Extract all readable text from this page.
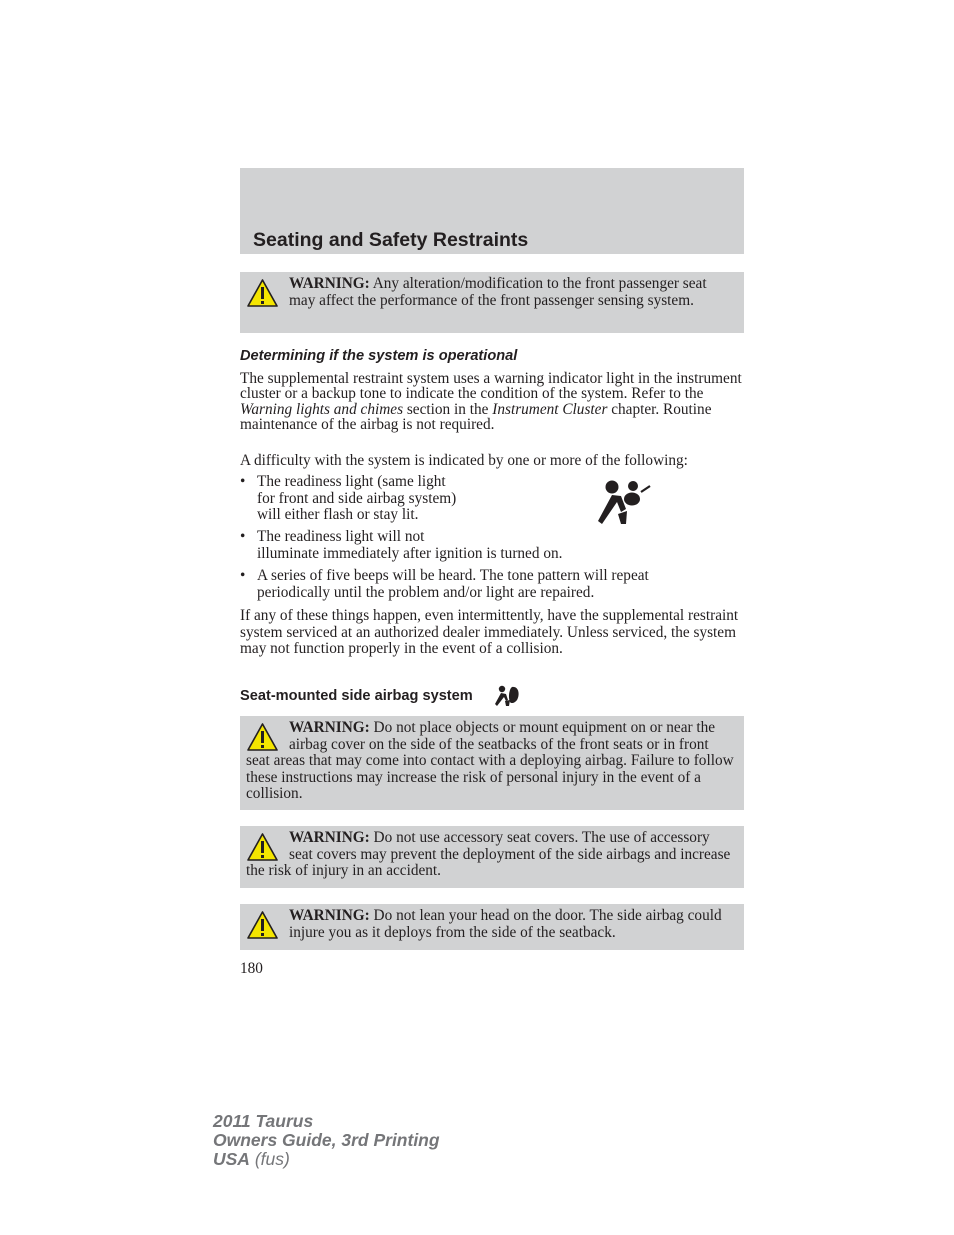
Seating and Safety Restraints
WARNING: Any alteration/modification to the front passenger seat may affect the performance of the front passenger sensing system.
Determining if the system is operational
The supplemental restraint system uses a warning indicator light in the instrument cluster or a backup tone to indicate the condition of the system. Refer to the Warning lights and chimes section in the Instrument Cluster chapter. Routine maintenance of the airbag is not required.
A difficulty with the system is indicated by one or more of the following:
• The readiness light (same light
for front and side airbag system)
will either flash or stay lit.
• The readiness light will not
illuminate immediately after ignition is turned on.
• A series of five beeps will be heard. The tone pattern will repeat
periodically until the problem and/or light are repaired.
If any of these things happen, even intermittently, have the supplemental restraint system serviced at an authorized dealer immediately. Unless serviced, the system may not function properly in the event of a collision.
Seat-mounted side airbag system
WARNING: Do not place objects or mount equipment on or near the airbag cover on the side of the seatbacks of the front seats or in front seat areas that may come into contact with a deploying airbag. Failure to follow these instructions may increase the risk of personal injury in the event of a collision.
WARNING: Do not use accessory seat covers. The use of accessory seat covers may prevent the deployment of the side airbags and increase the risk of injury in an accident.
WARNING: Do not lean your head on the door. The side airbag could injure you as it deploys from the side of the seatback.
180
2011 Taurus
Owners Guide, 3rd Printing
USA (fus)
